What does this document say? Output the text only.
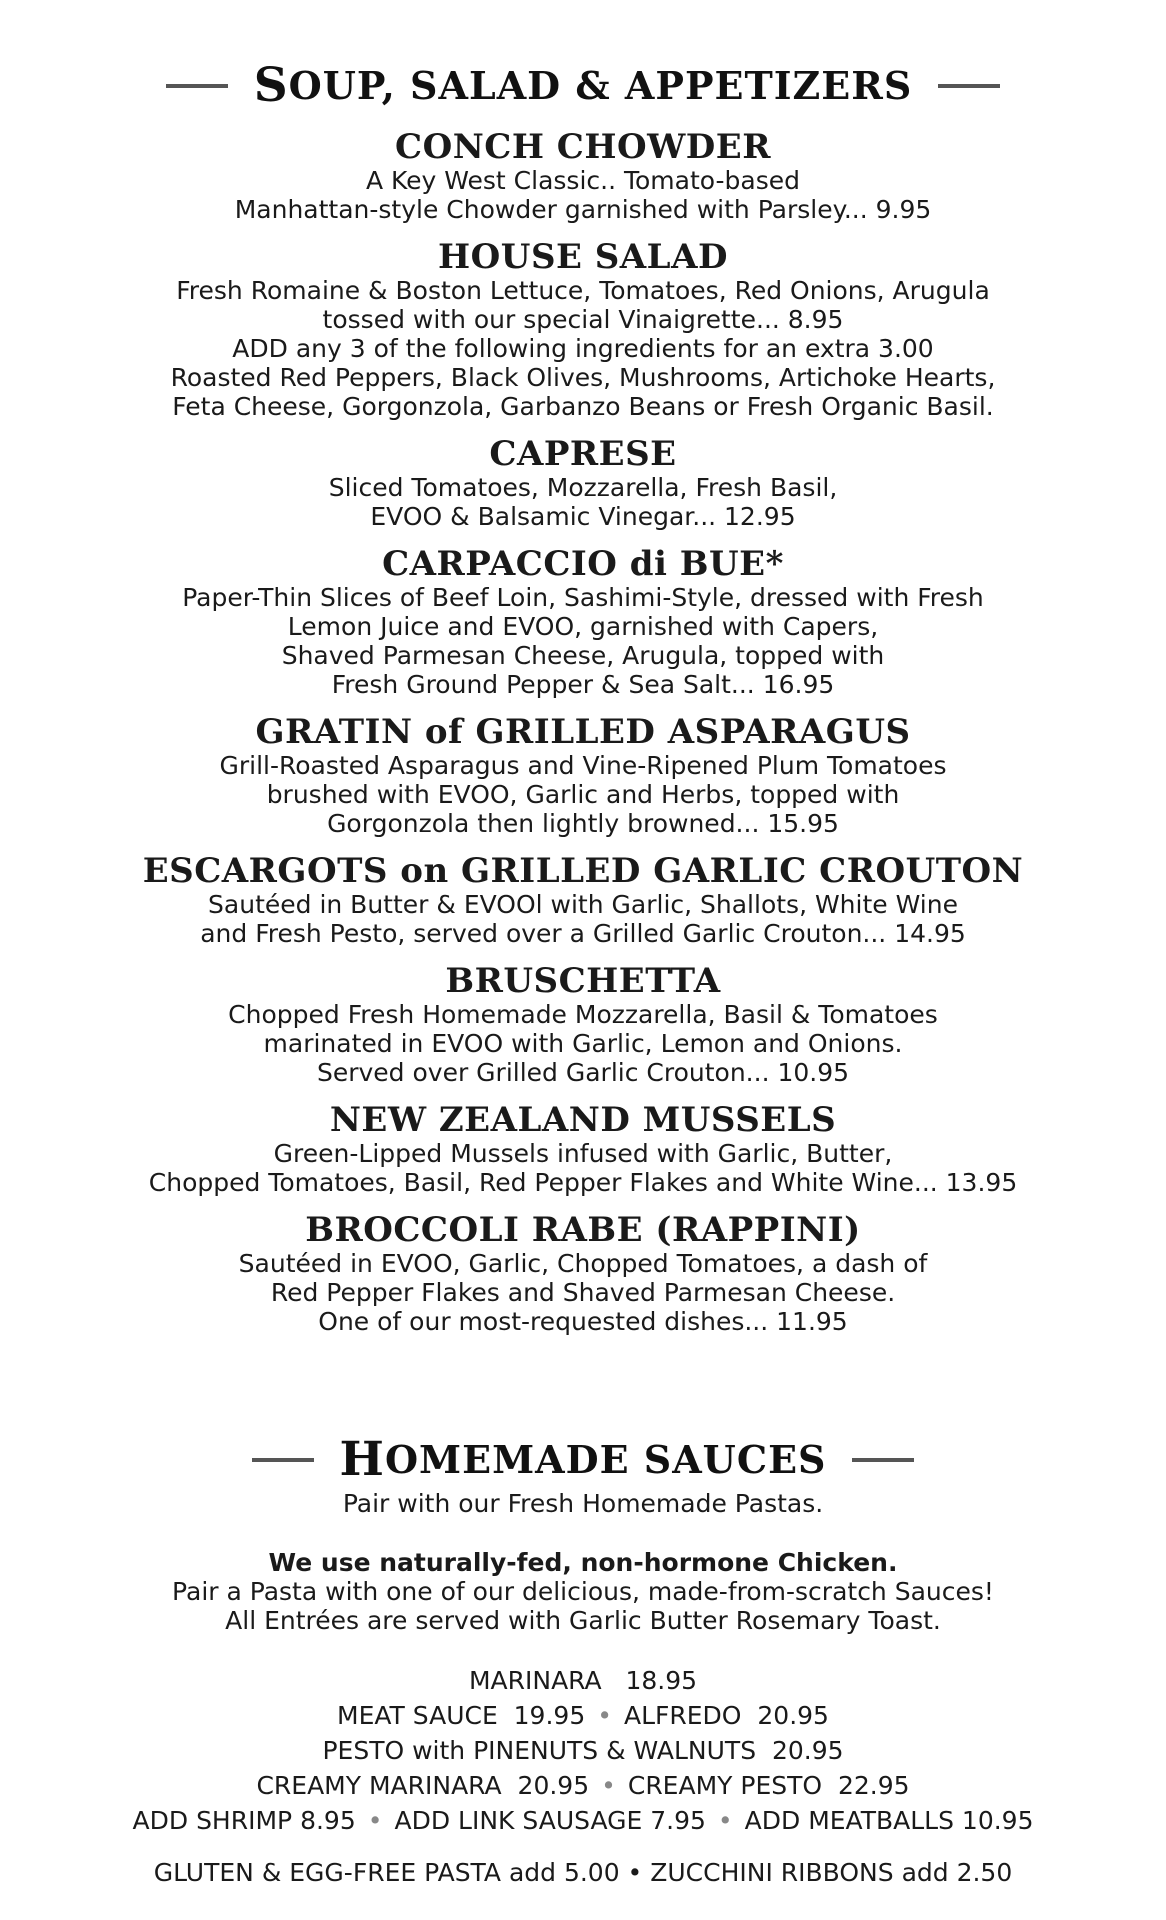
S OUP, SALAD & APPETIZERS
CONCH CHOWDER
A Key West Classic.. Tomato-based
Manhattan-style Chowder garnished with Parsley... 9.95
HOUSE SALAD
Fresh Romaine & Boston Lettuce, Tomatoes, Red Onions, Arugula
tossed with our special Vinaigrette... 8.95
ADD any 3 of the following ingredients for an extra 3.00
Roasted Red Peppers, Black Olives, Mushrooms, Artichoke Hearts,
Feta Cheese, Gorgonzola, Garbanzo Beans or Fresh Organic Basil.
CAPRESE
Sliced Tomatoes, Mozzarella, Fresh Basil,
EVOO & Balsamic Vinegar... 12.95
CARPACCIO di BUE*
Paper-Thin Slices of Beef Loin, Sashimi-Style, dressed with Fresh
Lemon Juice and EVOO, garnished with Capers,
Shaved Parmesan Cheese, Arugula, topped with
Fresh Ground Pepper & Sea Salt... 16.95
GRATIN of GRILLED ASPARAGUS
Grill-Roasted Asparagus and Vine-Ripened Plum Tomatoes
brushed with EVOO, Garlic and Herbs, topped with
Gorgonzola then lightly browned... 15.95
ESCARGOTS on GRILLED GARLIC CROUTON
Sautéed in Butter & EVOOl with Garlic, Shallots, White Wine
and Fresh Pesto, served over a Grilled Garlic Crouton... 14.95
BRUSCHETTA
Chopped Fresh Homemade Mozzarella, Basil & Tomatoes
marinated in EVOO with Garlic, Lemon and Onions.
Served over Grilled Garlic Crouton... 10.95
NEW ZEALAND MUSSELS
Green-Lipped Mussels infused with Garlic, Butter,
Chopped Tomatoes, Basil, Red Pepper Flakes and White Wine... 13.95
BROCCOLI RABE (RAPPINI)
Sautéed in EVOO, Garlic, Chopped Tomatoes, a dash of
Red Pepper Flakes and Shaved Parmesan Cheese.
One of our most-requested dishes... 11.95
H OMEMADE SAUCES
Pair with our Fresh Homemade Pastas.
We use naturally-fed, non-hormone Chicken.
Pair a Pasta with one of our delicious, made-from-scratch Sauces!
All Entrées are served with Garlic Butter Rosemary Toast.
MARINARA   18.95
MEAT SAUCE  19.95 • ALFREDO  20.95
PESTO with PINENUTS & WALNUTS  20.95
CREAMY MARINARA  20.95 • CREAMY PESTO  22.95
ADD SHRIMP 8.95 • ADD LINK SAUSAGE 7.95 • ADD MEATBALLS 10.95
GLUTEN & EGG-FREE PASTA add 5.00 • ZUCCHINI RIBBONS add 2.50
